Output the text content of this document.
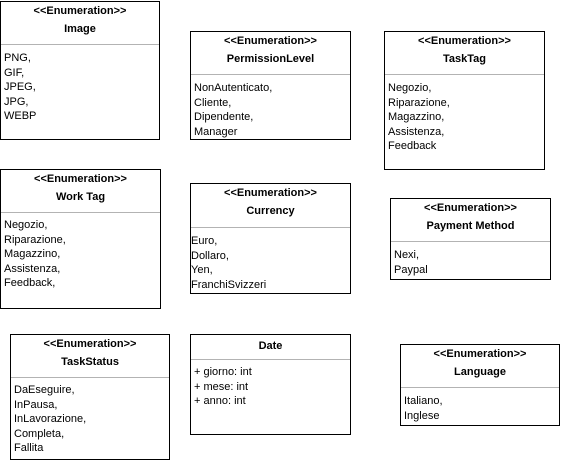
<<Enumeration>>
Image
PNG,
GIF,
JPEG,
JPG,
WEBP
<<Enumeration>>
PermissionLevel
NonAutenticato,
Cliente,
Dipendente,
Manager
<<Enumeration>>
TaskTag
Negozio,
Riparazione,
Magazzino,
Assistenza,
Feedback
<<Enumeration>>
Work Tag
Negozio,
Riparazione,
Magazzino,
Assistenza,
Feedback,
<<Enumeration>>
Currency
Euro,
Dollaro,
Yen,
FranchiSvizzeri
<<Enumeration>>
Payment Method
Nexi,
Paypal
<<Enumeration>>
TaskStatus
DaEseguire,
InPausa,
InLavorazione,
Completa,
Fallita
Date
+ giorno: int
+ mese: int
+ anno: int
<<Enumeration>>
Language
Italiano,
Inglese
